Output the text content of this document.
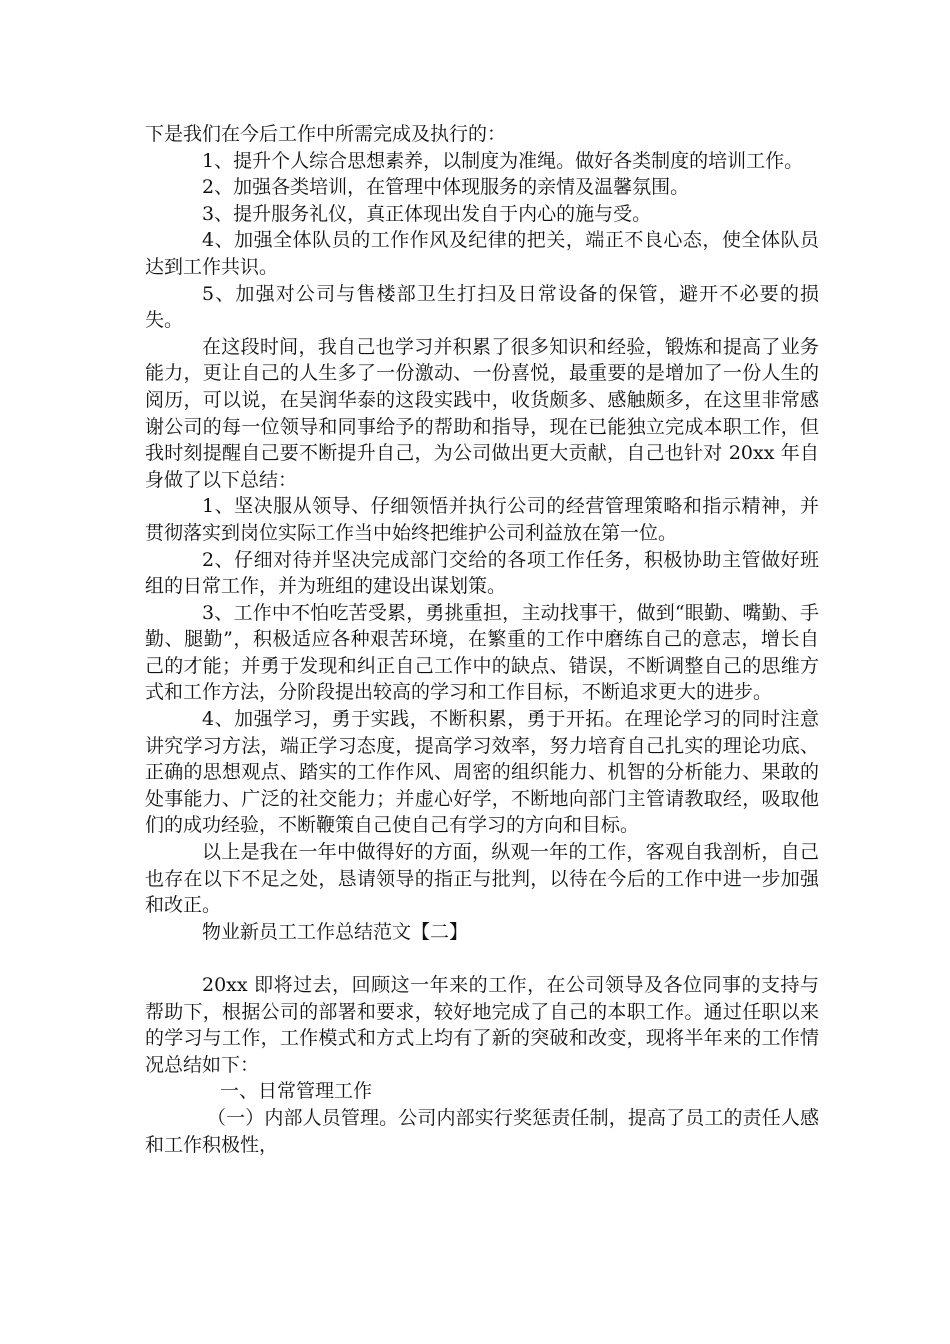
下是我们在今后工作中所需完成及执行的：

1、提升个人综合思想素养，以制度为准绳。做好各类制度的培训工作。

2、加强各类培训，在管理中体现服务的亲情及温馨氛围。

3、提升服务礼仪，真正体现出发自于内心的施与受。

4、加强全体队员的工作作风及纪律的把关，端正不良心态，使全体队员达到工作共识。

5、加强对公司与售楼部卫生打扫及日常设备的保管，避开不必要的损失。

在这段时间，我自己也学习并积累了很多知识和经验，锻炼和提高了业务能力，更让自己的人生多了一份激动、一份喜悦，最重要的是增加了一份人生的阅历，可以说，在吴润华泰的这段实践中，收货颇多、感触颇多，在这里非常感谢公司的每一位领导和同事给予的帮助和指导，现在已能独立完成本职工作，但我时刻提醒自己要不断提升自己，为公司做出更大贡献，自己也针对 20xx 年自身做了以下总结：

1、坚决服从领导、仔细领悟并执行公司的经营管理策略和指示精神，并贯彻落实到岗位实际工作当中始终把维护公司利益放在第一位。

2、仔细对待并坚决完成部门交给的各项工作任务，积极协助主管做好班组的日常工作，并为班组的建设出谋划策。

3、工作中不怕吃苦受累，勇挑重担，主动找事干，做到“眼勤、嘴勤、手勤、腿勤”，积极适应各种艰苦环境，在繁重的工作中磨练自己的意志，增长自己的才能；并勇于发现和纠正自己工作中的缺点、错误，不断调整自己的思维方式和工作方法，分阶段提出较高的学习和工作目标，不断追求更大的进步。

4、加强学习，勇于实践，不断积累，勇于开拓。在理论学习的同时注意讲究学习方法，端正学习态度，提高学习效率，努力培育自己扎实的理论功底、正确的思想观点、踏实的工作作风、周密的组织能力、机智的分析能力、果敢的处事能力、广泛的社交能力；并虚心好学，不断地向部门主管请教取经，吸取他们的成功经验，不断鞭策自己使自己有学习的方向和目标。

以上是我在一年中做得好的方面，纵观一年的工作，客观自我剖析，自己也存在以下不足之处，恳请领导的指正与批判，以待在今后的工作中进一步加强和改正。

物业新员工工作总结范文【二】

20xx 即将过去，回顾这一年来的工作，在公司领导及各位同事的支持与帮助下，根据公司的部署和要求，较好地完成了自己的本职工作。通过任职以来的学习与工作，工作模式和方式上均有了新的突破和改变，现将半年来的工作情况总结如下：

一、日常管理工作

（一）内部人员管理。公司内部实行奖惩责任制，提高了员工的责任人感和工作积极性，
